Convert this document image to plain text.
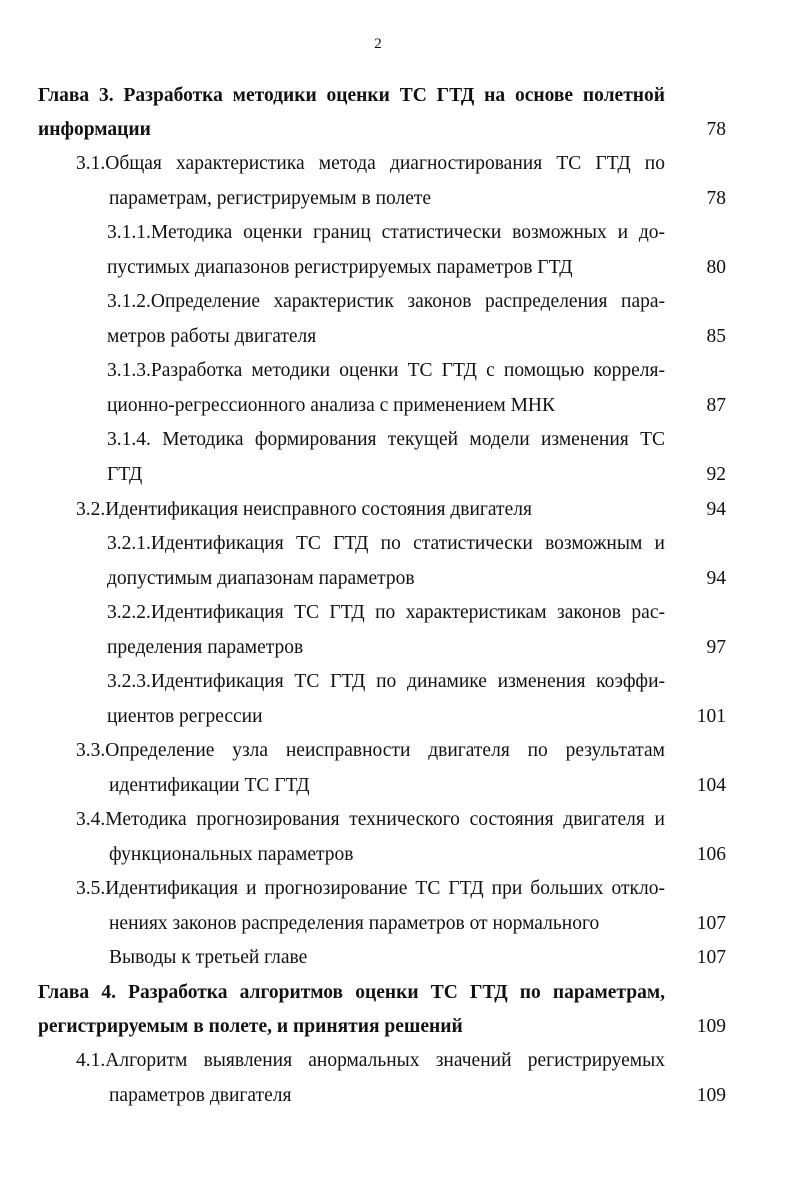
2
Глава 3. Разработка методики оценки ТС ГТД на основе полетной
информации	78
3.1.Общая характеристика метода диагностирования ТС ГТД по
параметрам, регистрируемым в полете	78
3.1.1.Методика оценки границ статистически возможных и до-
пустимых диапазонов регистрируемых параметров ГТД	80
3.1.2.Определение характеристик законов распределения пара-
метров работы двигателя	85
3.1.3.Разработка методики оценки ТС ГТД с помощью корреля-
ционно-регрессионного анализа с применением МНК	87
3.1.4. Методика формирования текущей модели изменения ТС
ГТД	92
3.2.Идентификация неисправного состояния двигателя	94
3.2.1.Идентификация ТС ГТД по статистически возможным и
допустимым диапазонам параметров	94
3.2.2.Идентификация ТС ГТД по характеристикам законов рас-
пределения параметров	97
3.2.3.Идентификация ТС ГТД по динамике изменения коэффи-
циентов регрессии	101
3.3.Определение узла неисправности двигателя по результатам
идентификации ТС ГТД	104
3.4.Методика прогнозирования технического состояния двигателя и
функциональных параметров	106
3.5.Идентификация и прогнозирование ТС ГТД при больших откло-
нениях законов распределения параметров от нормального	107
Выводы к третьей главе	107
Глава 4. Разработка алгоритмов оценки ТС ГТД по параметрам,
регистрируемым в полете, и принятия решений	109
4.1.Алгоритм выявления анормальных значений регистрируемых
параметров двигателя	109
